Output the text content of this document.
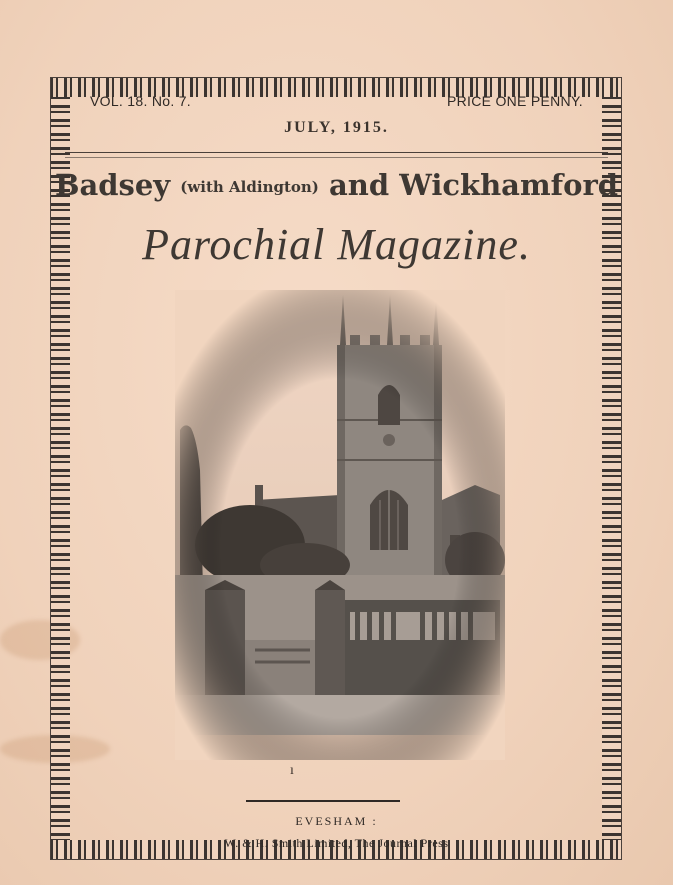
VOL. 18. No. 7.	PRICE ONE PENNY.
JULY, 1915.
Badsey (with Aldington) and Wickhamford
Parochial Magazine.
ı
EVESHAM :
W. & H. Smith Limited, The Journal Press
